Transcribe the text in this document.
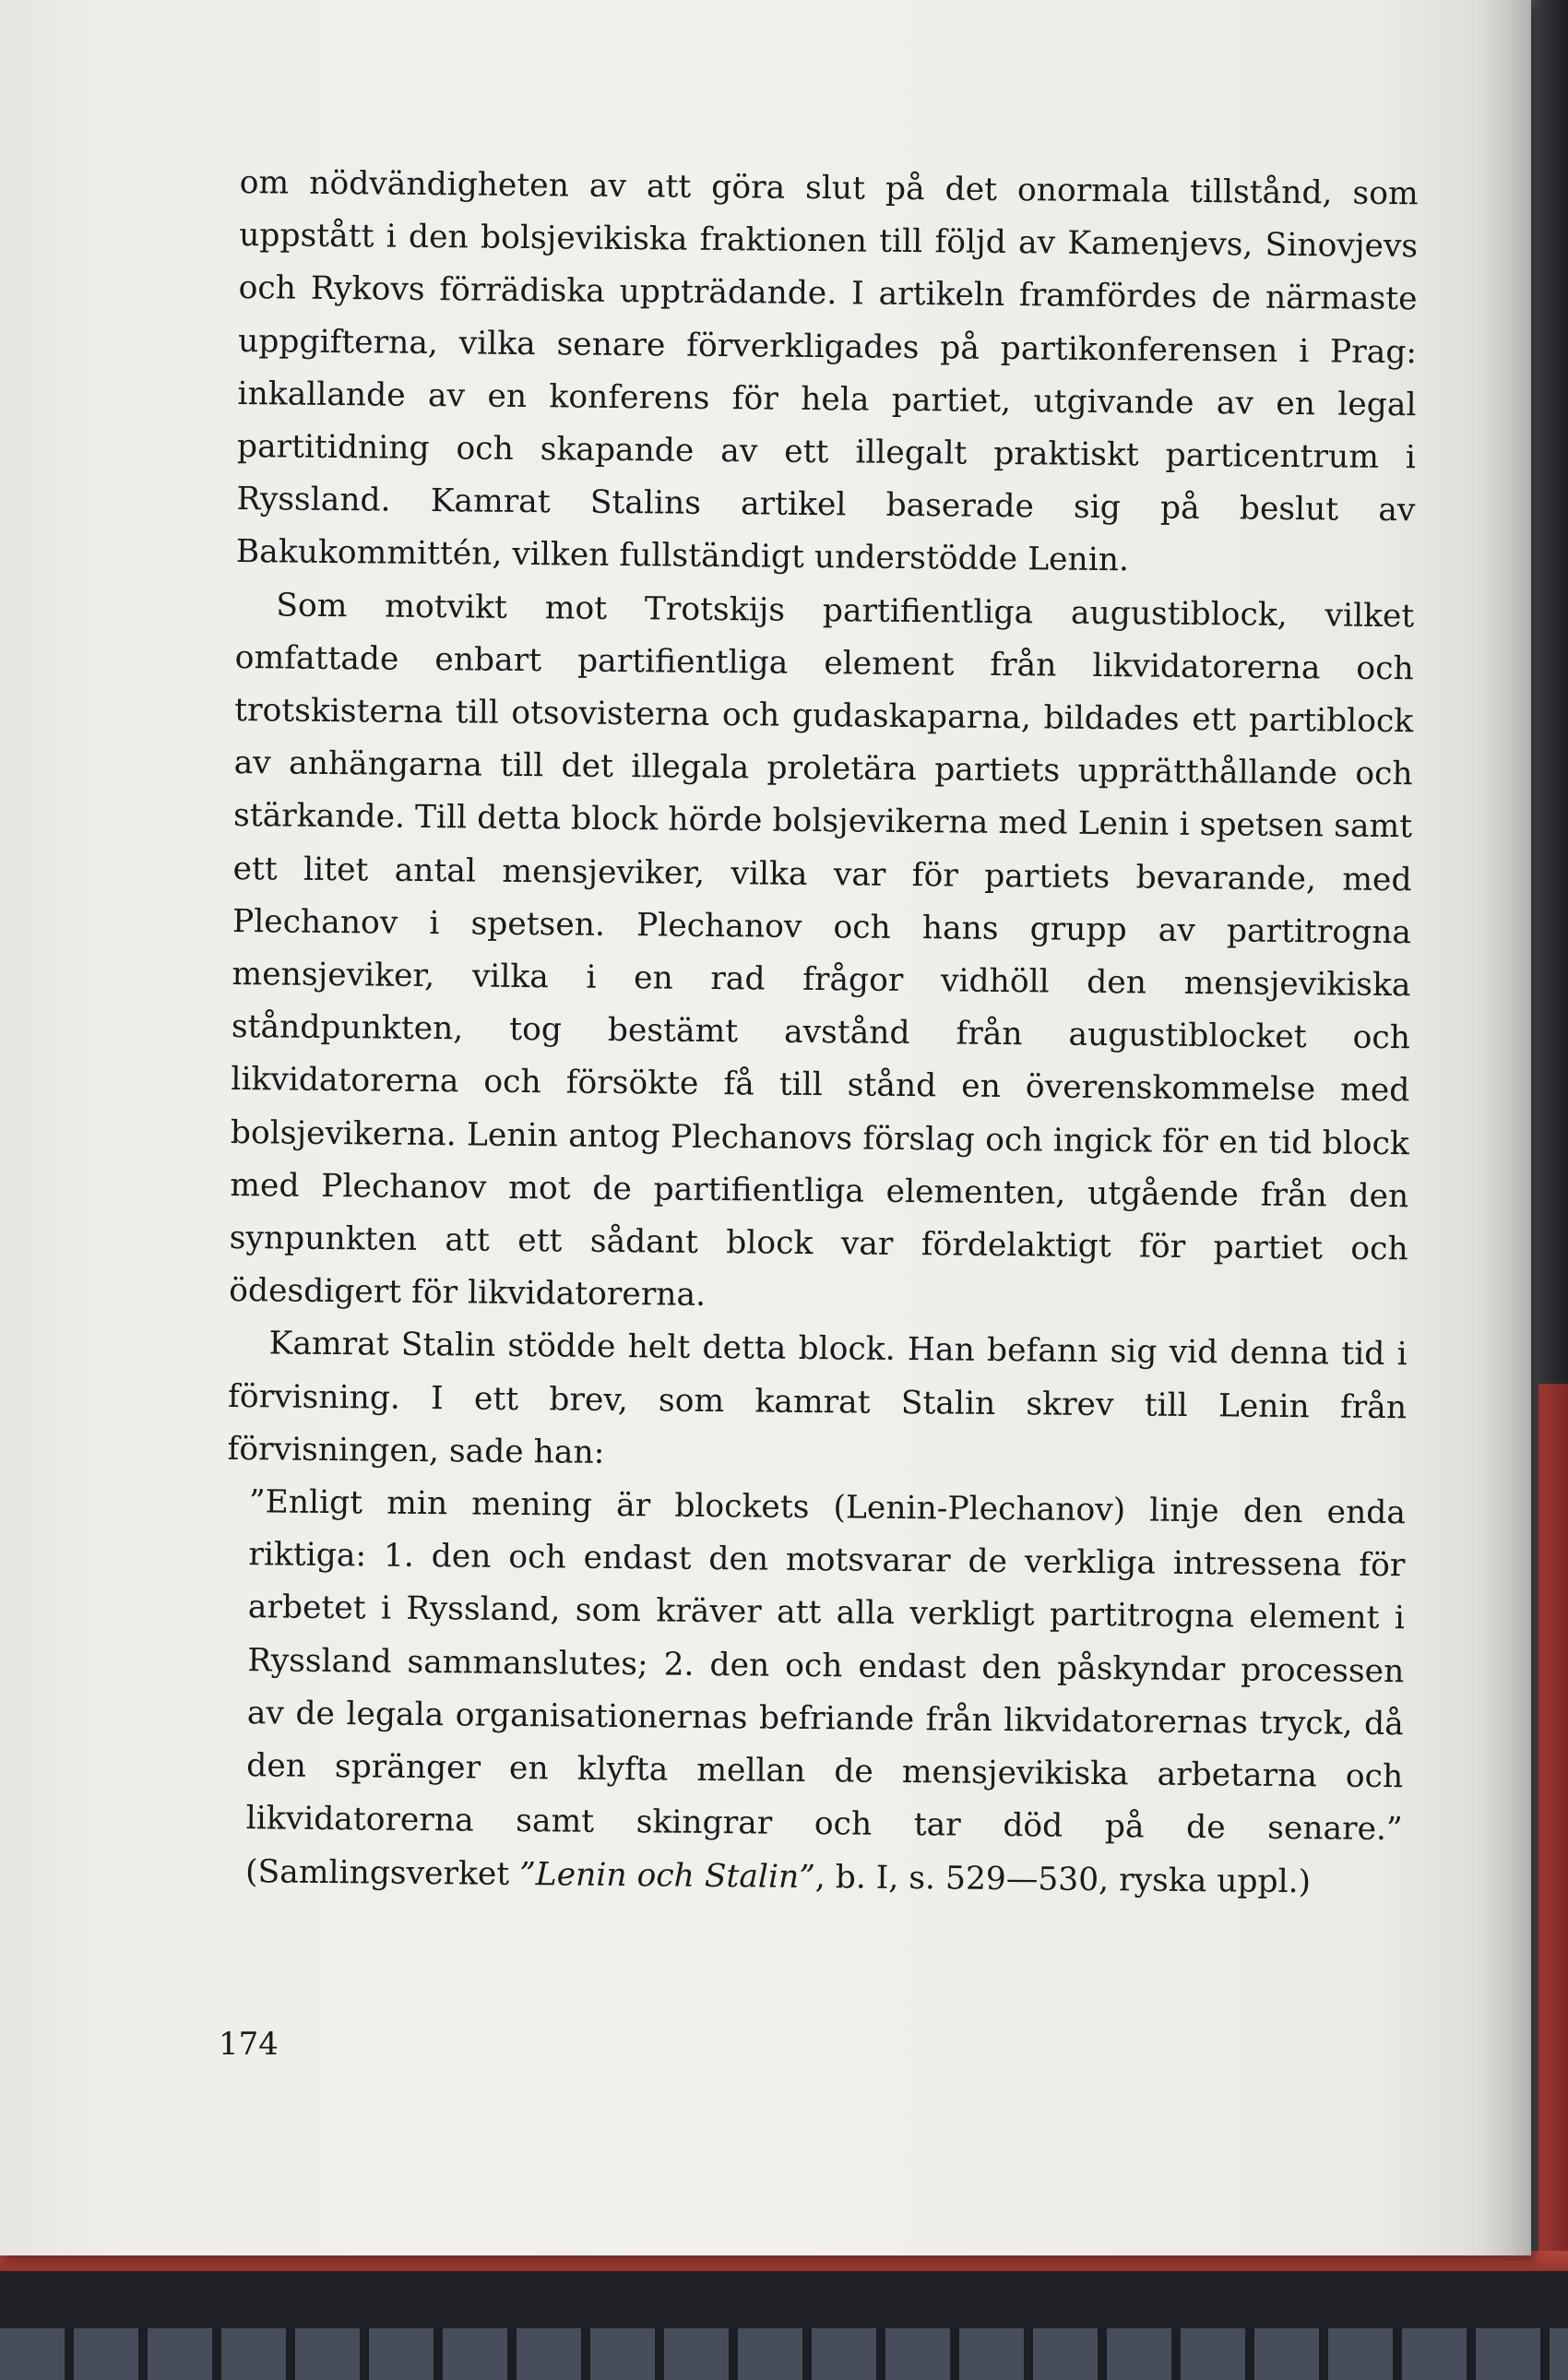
om nödvändigheten av att göra slut på det onormala tillstånd, som uppstått i den bolsjevikiska fraktionen till följd av Kamenjevs, Sinovjevs och Rykovs förrädiska uppträdande. I artikeln framfördes de närmaste uppgifterna, vilka senare förverkligades på partikonferensen i Prag: inkallande av en konferens för hela partiet, utgivande av en legal partitidning och skapande av ett illegalt praktiskt particentrum i Ryssland. Kamrat Stalins artikel baserade sig på beslut av Bakukommittén, vilken fullständigt understödde Lenin.

Som motvikt mot Trotskijs partifientliga augustiblock, vilket omfattade enbart partifientliga element från likvidatorerna och trotskisterna till otsovisterna och gudaskaparna, bildades ett partiblock av anhängarna till det illegala proletära partiets upprätthållande och stärkande. Till detta block hörde bolsjevikerna med Lenin i spetsen samt ett litet antal mensjeviker, vilka var för partiets bevarande, med Plechanov i spetsen. Plechanov och hans grupp av partitrogna mensjeviker, vilka i en rad frågor vidhöll den mensjevikiska ståndpunkten, tog bestämt avstånd från augustiblocket och likvidatorerna och försökte få till stånd en överenskommelse med bolsjevikerna. Lenin antog Plechanovs förslag och ingick för en tid block med Plechanov mot de partifientliga elementen, utgående från den synpunkten att ett sådant block var fördelaktigt för partiet och ödesdigert för likvidatorerna.

Kamrat Stalin stödde helt detta block. Han befann sig vid denna tid i förvisning. I ett brev, som kamrat Stalin skrev till Lenin från förvisningen, sade han:

”Enligt min mening är blockets (Lenin-Plechanov) linje den enda riktiga: 1. den och endast den motsvarar de verkliga intressena för arbetet i Ryssland, som kräver att alla verkligt partitrogna element i Ryssland sammanslutes; 2. den och endast den påskyndar processen av de legala organisationernas befriande från likvidatorernas tryck, då den spränger en klyfta mellan de mensjevikiska arbetarna och likvidatorerna samt skingrar och tar död på de senare.” (Samlingsverket ”Lenin och Stalin”, b. I, s. 529—530, ryska uppl.)

174
